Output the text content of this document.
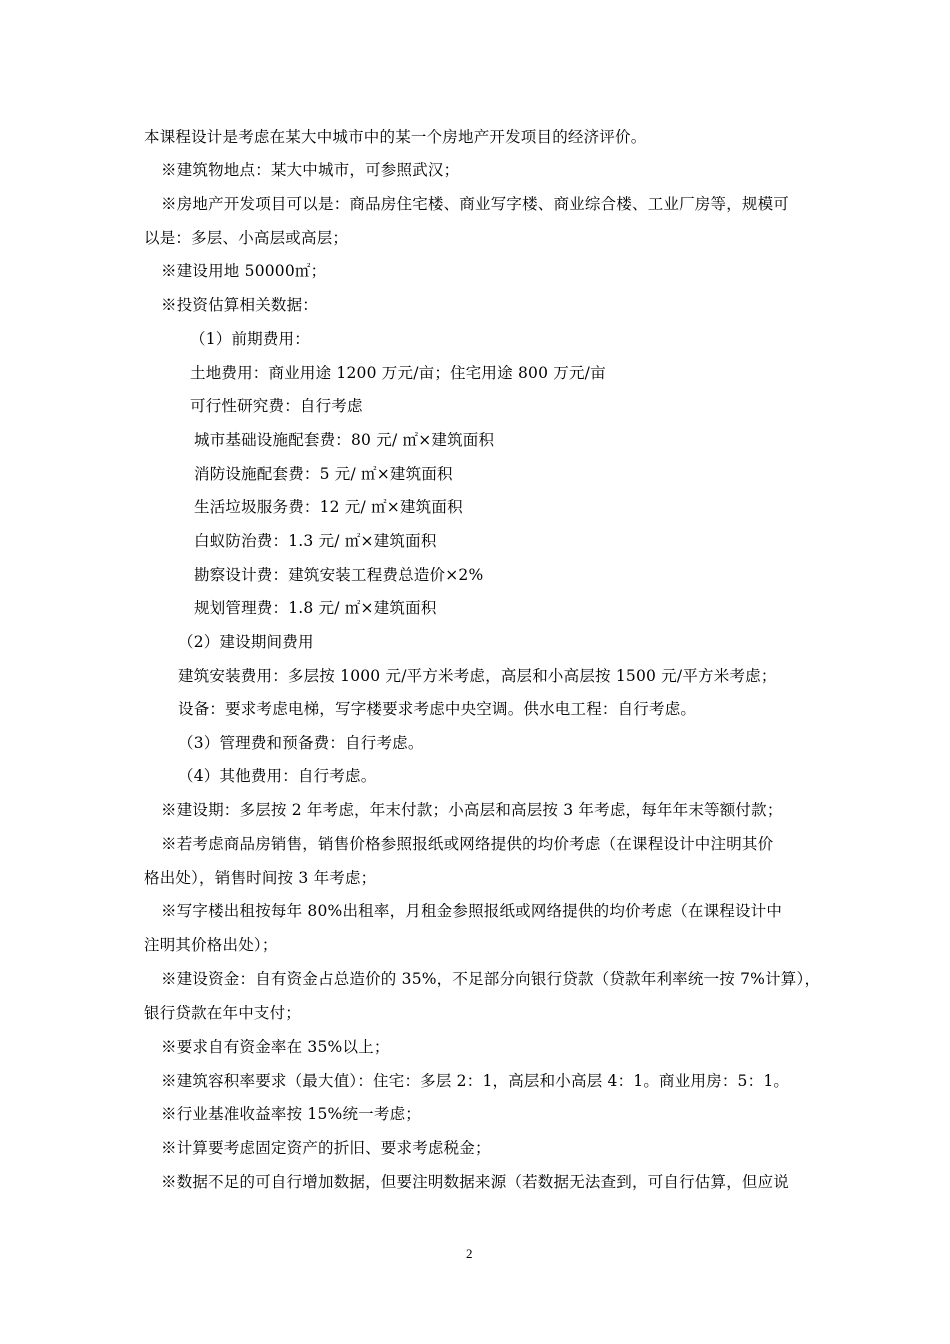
本课程设计是考虑在某大中城市中的某一个房地产开发项目的经济评价。
※建筑物地点：某大中城市，可参照武汉；
※房地产开发项目可以是：商品房住宅楼、商业写字楼、商业综合楼、工业厂房等，规模可
以是：多层、小高层或高层；
※建设用地 50000㎡；
※投资估算相关数据：
（1）前期费用：
土地费用：商业用途 1200 万元/亩；住宅用途 800 万元/亩
可行性研究费：自行考虑
城市基础设施配套费：80 元/ ㎡×建筑面积
消防设施配套费：5 元/ ㎡×建筑面积
生活垃圾服务费：12 元/ ㎡×建筑面积
白蚁防治费：1.3 元/ ㎡×建筑面积
勘察设计费：建筑安装工程费总造价×2%
规划管理费：1.8 元/ ㎡×建筑面积
（2）建设期间费用
建筑安装费用：多层按 1000 元/平方米考虑，高层和小高层按 1500 元/平方米考虑；
设备：要求考虑电梯，写字楼要求考虑中央空调。供水电工程：自行考虑。
（3）管理费和预备费：自行考虑。
（4）其他费用：自行考虑。
※建设期：多层按 2 年考虑，年末付款；小高层和高层按 3 年考虑，每年年末等额付款；
※若考虑商品房销售，销售价格参照报纸或网络提供的均价考虑（在课程设计中注明其价
格出处），销售时间按 3 年考虑；
※写字楼出租按每年 80%出租率，月租金参照报纸或网络提供的均价考虑（在课程设计中
注明其价格出处）；
※建设资金：自有资金占总造价的 35%，不足部分向银行贷款（贷款年利率统一按 7%计算），
银行贷款在年中支付；
※要求自有资金率在 35%以上；
※建筑容积率要求（最大值）：住宅：多层 2：1，高层和小高层 4：1。商业用房：5：1。
※行业基准收益率按 15%统一考虑；
※计算要考虑固定资产的折旧、要求考虑税金；
※数据不足的可自行增加数据，但要注明数据来源（若数据无法查到，可自行估算，但应说
2
